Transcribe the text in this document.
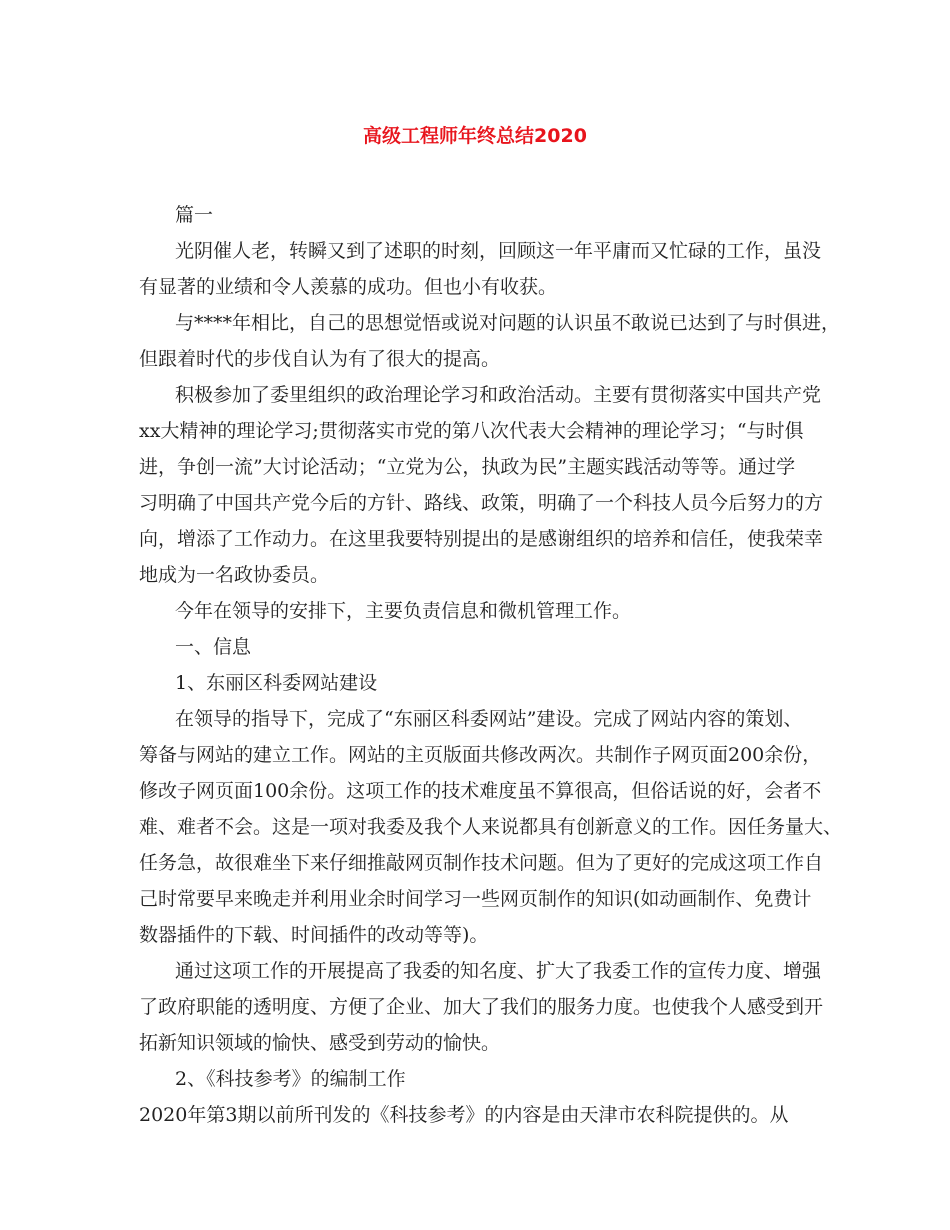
高级工程师年终总结2020
篇一
光阴催人老，转瞬又到了述职的时刻，回顾这一年平庸而又忙碌的工作，虽没
有显著的业绩和令人羡慕的成功。但也小有收获。
与****年相比，自己的思想觉悟或说对问题的认识虽不敢说已达到了与时俱进，
但跟着时代的步伐自认为有了很大的提高。
积极参加了委里组织的政治理论学习和政治活动。主要有贯彻落实中国共产党
xx大精神的理论学习;贯彻落实市党的第八次代表大会精神的理论学习；“与时俱
进，争创一流”大讨论活动；“立党为公，执政为民”主题实践活动等等。通过学
习明确了中国共产党今后的方针、路线、政策，明确了一个科技人员今后努力的方
向，增添了工作动力。在这里我要特别提出的是感谢组织的培养和信任，使我荣幸
地成为一名政协委员。
今年在领导的安排下，主要负责信息和微机管理工作。
一、信息
1、东丽区科委网站建设
在领导的指导下，完成了“东丽区科委网站”建设。完成了网站内容的策划、
筹备与网站的建立工作。网站的主页版面共修改两次。共制作子网页面200余份，
修改子网页面100余份。这项工作的技术难度虽不算很高，但俗话说的好，会者不
难、难者不会。这是一项对我委及我个人来说都具有创新意义的工作。因任务量大、
任务急，故很难坐下来仔细推敲网页制作技术问题。但为了更好的完成这项工作自
己时常要早来晚走并利用业余时间学习一些网页制作的知识(如动画制作、免费计
数器插件的下载、时间插件的改动等等)。
通过这项工作的开展提高了我委的知名度、扩大了我委工作的宣传力度、增强
了政府职能的透明度、方便了企业、加大了我们的服务力度。也使我个人感受到开
拓新知识领域的愉快、感受到劳动的愉快。
2、《科技参考》的编制工作
2020年第3期以前所刊发的《科技参考》的内容是由天津市农科院提供的。从
